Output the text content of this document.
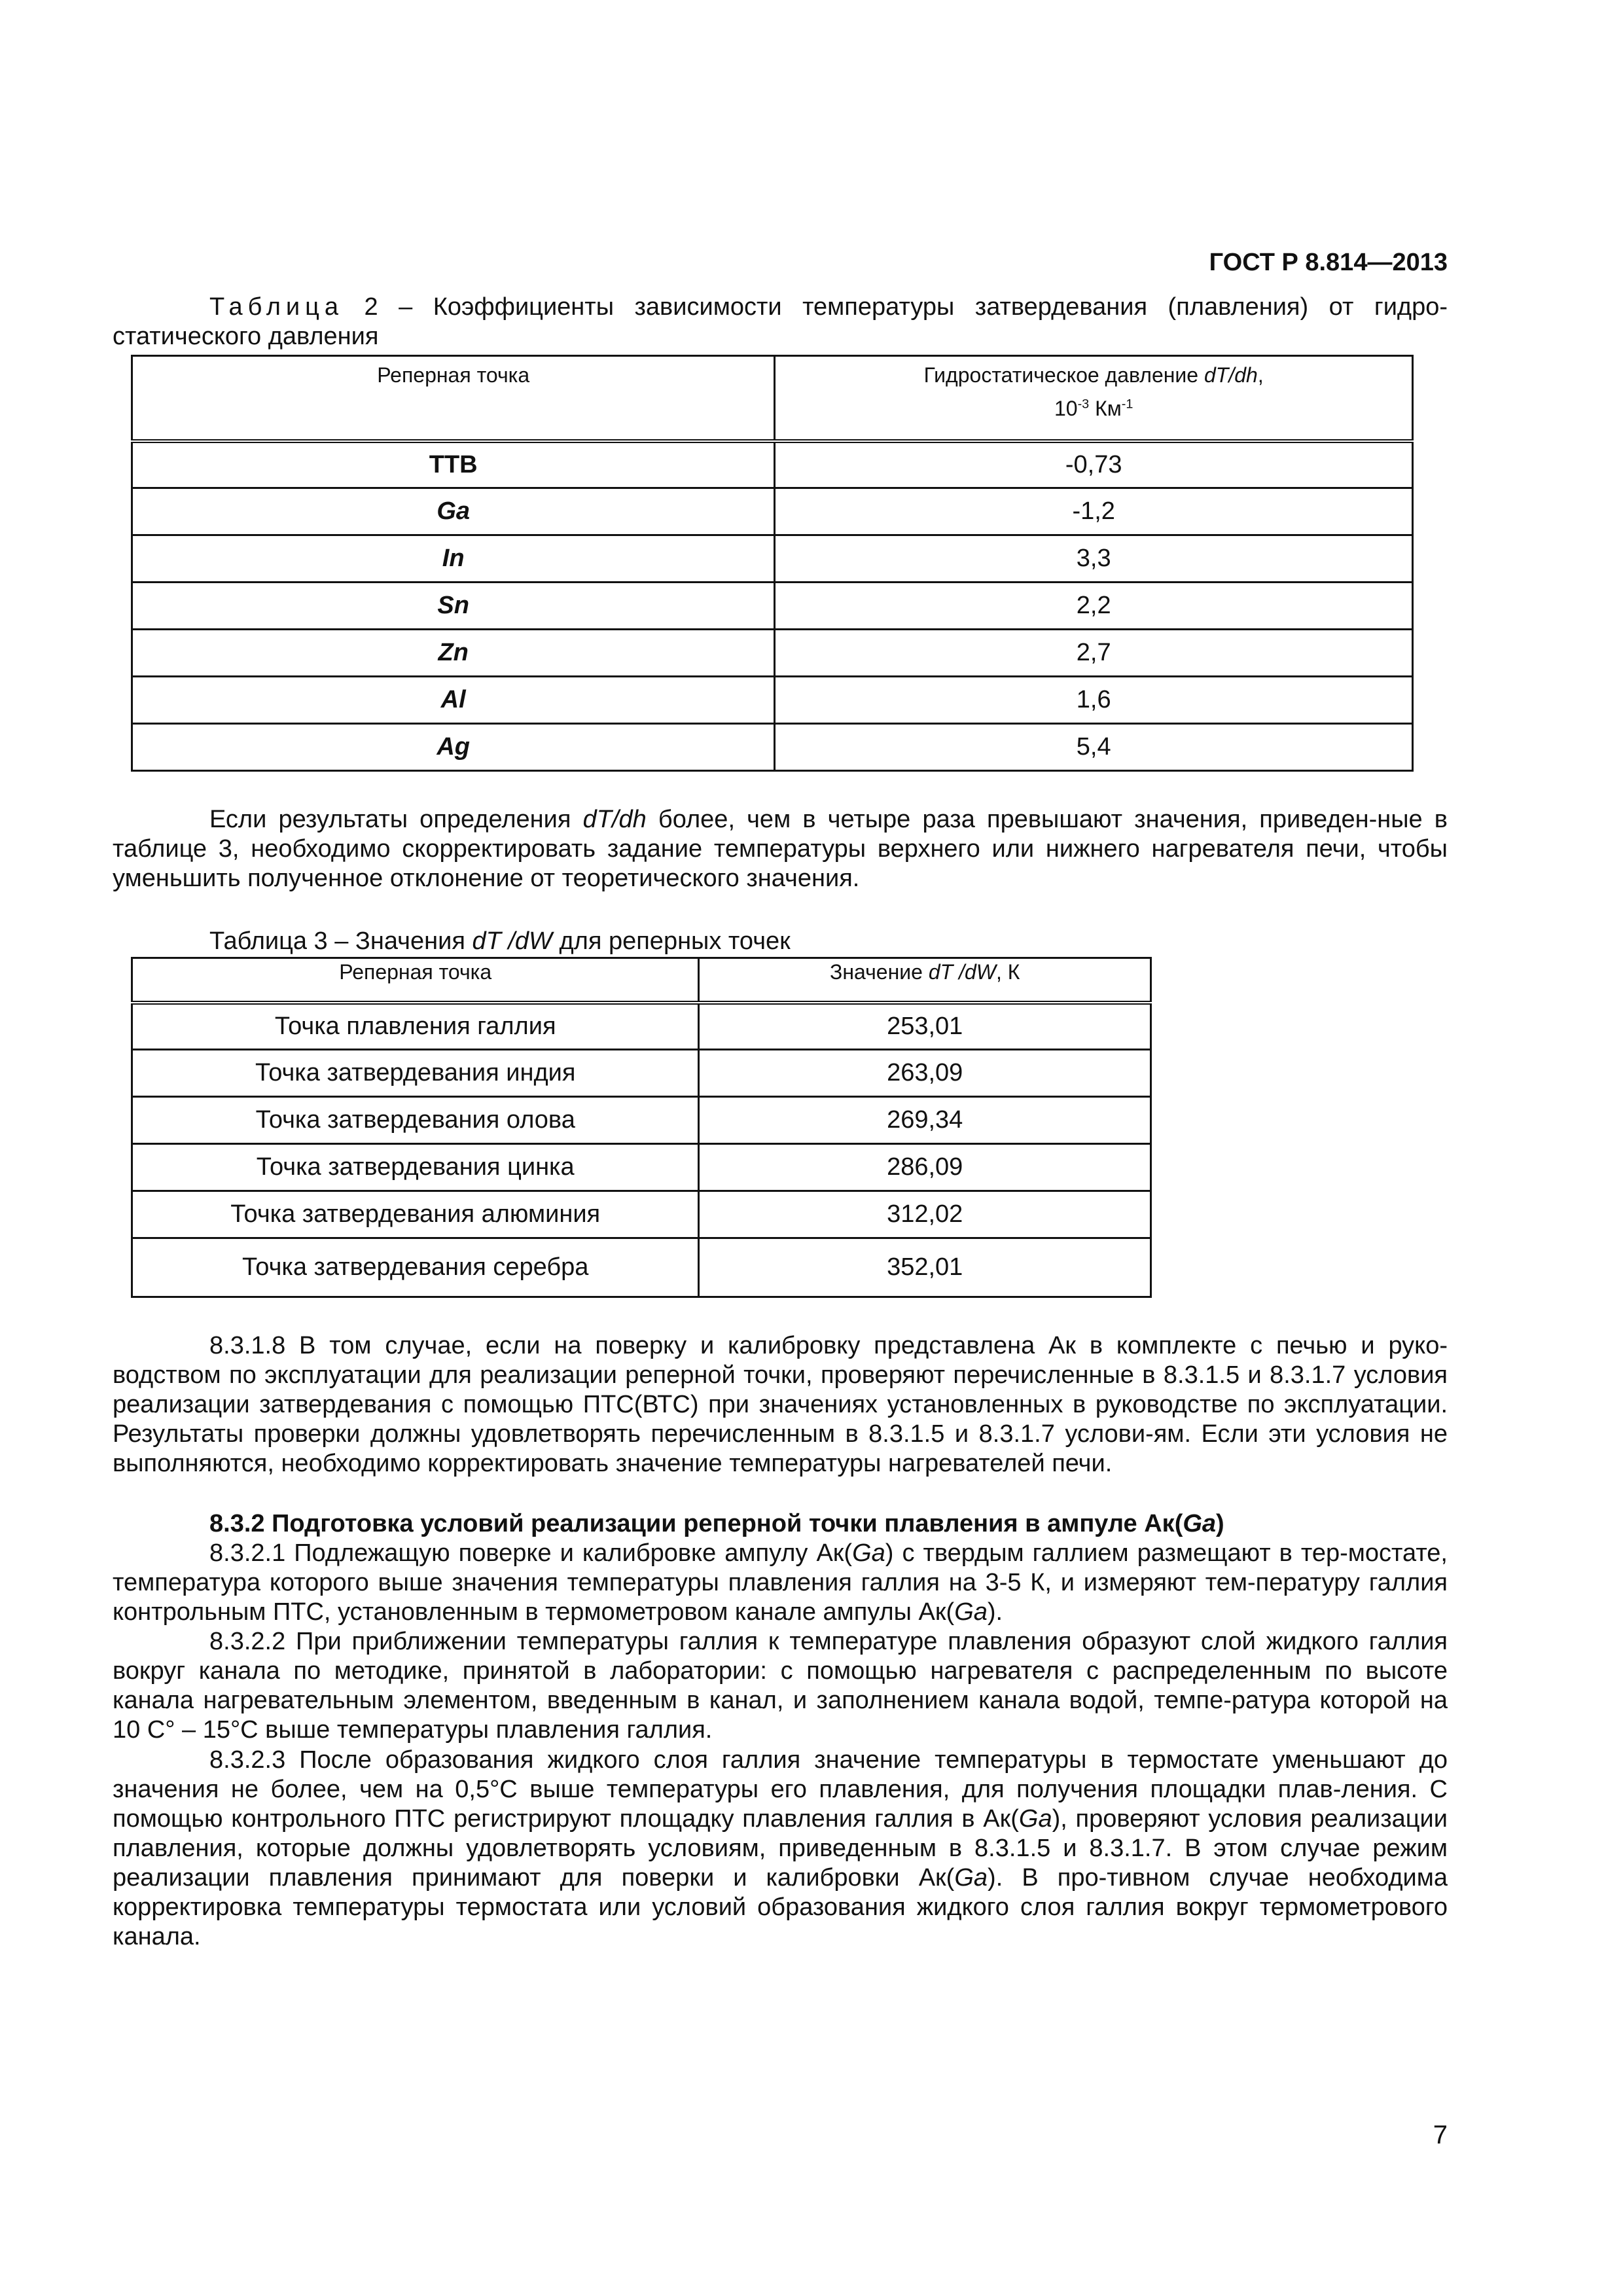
ГОСТ Р 8.814—2013
Таблица 2 – Коэффициенты зависимости температуры затвердевания (плавления) от гидро-статического давления
Реперная точка	Гидростатическое давление dT/dh,
$10^{-3}$ $Км^{-1}$

ТТВ	-0,73
Ga	-1,2
In	3,3
Sn	2,2
Zn	2,7
Al	1,6
Ag	5,4
Если результаты определения dT/dh более, чем в четыре раза превышают значения, приведен-ные в таблице 3, необходимо скорректировать задание температуры верхнего или нижнего нагревателя печи, чтобы уменьшить полученное отклонение от теоретического значения.
Таблица 3 – Значения dT /dW для реперных точек
Реперная точка	Значение dT /dW, К
Точка плавления галлия	253,01
Точка затвердевания индия	263,09
Точка затвердевания олова	269,34
Точка затвердевания цинка	286,09
Точка затвердевания алюминия	312,02
Точка затвердевания серебра	352,01
8.3.1.8 В том случае, если на поверку и калибровку представлена Ак в комплекте с печью и руко-водством по эксплуатации для реализации реперной точки, проверяют перечисленные в 8.3.1.5 и 8.3.1.7 условия реализации затвердевания с помощью ПТС(ВТС) при значениях установленных в руководстве по эксплуатации. Результаты проверки должны удовлетворять перечисленным в 8.3.1.5 и 8.3.1.7 услови-ям. Если эти условия не выполняются, необходимо корректировать значение температуры нагревателей печи.
8.3.2 Подготовка условий реализации реперной точки плавления в ампуле Ак(Ga)
8.3.2.1 Подлежащую поверке и калибровке ампулу Ак(Ga) с твердым галлием размещают в тер-мостате, температура которого выше значения температуры плавления галлия на 3-5 К, и измеряют тем-пературу галлия контрольным ПТС, установленным в термометровом канале ампулы Ак(Ga).
8.3.2.2 При приближении температуры галлия к температуре плавления образуют слой жидкого галлия вокруг канала по методике, принятой в лаборатории: с помощью нагревателя с распределенным по высоте канала нагревательным элементом, введенным в канал, и заполнением канала водой, темпе-ратура которой на 10 С° – 15°С выше температуры плавления галлия.
8.3.2.3 После образования жидкого слоя галлия значение температуры в термостате уменьшают до значения не более, чем на 0,5°С выше температуры его плавления, для получения площадки плав-ления. С помощью контрольного ПТС регистрируют площадку плавления галлия в Ак(Ga), проверяют условия реализации плавления, которые должны удовлетворять условиям, приведенным в 8.3.1.5 и 8.3.1.7. В этом случае режим реализации плавления принимают для поверки и калибровки Ак(Ga). В про-тивном случае необходима корректировка температуры термостата или условий образования жидкого слоя галлия вокруг термометрового канала.
7
